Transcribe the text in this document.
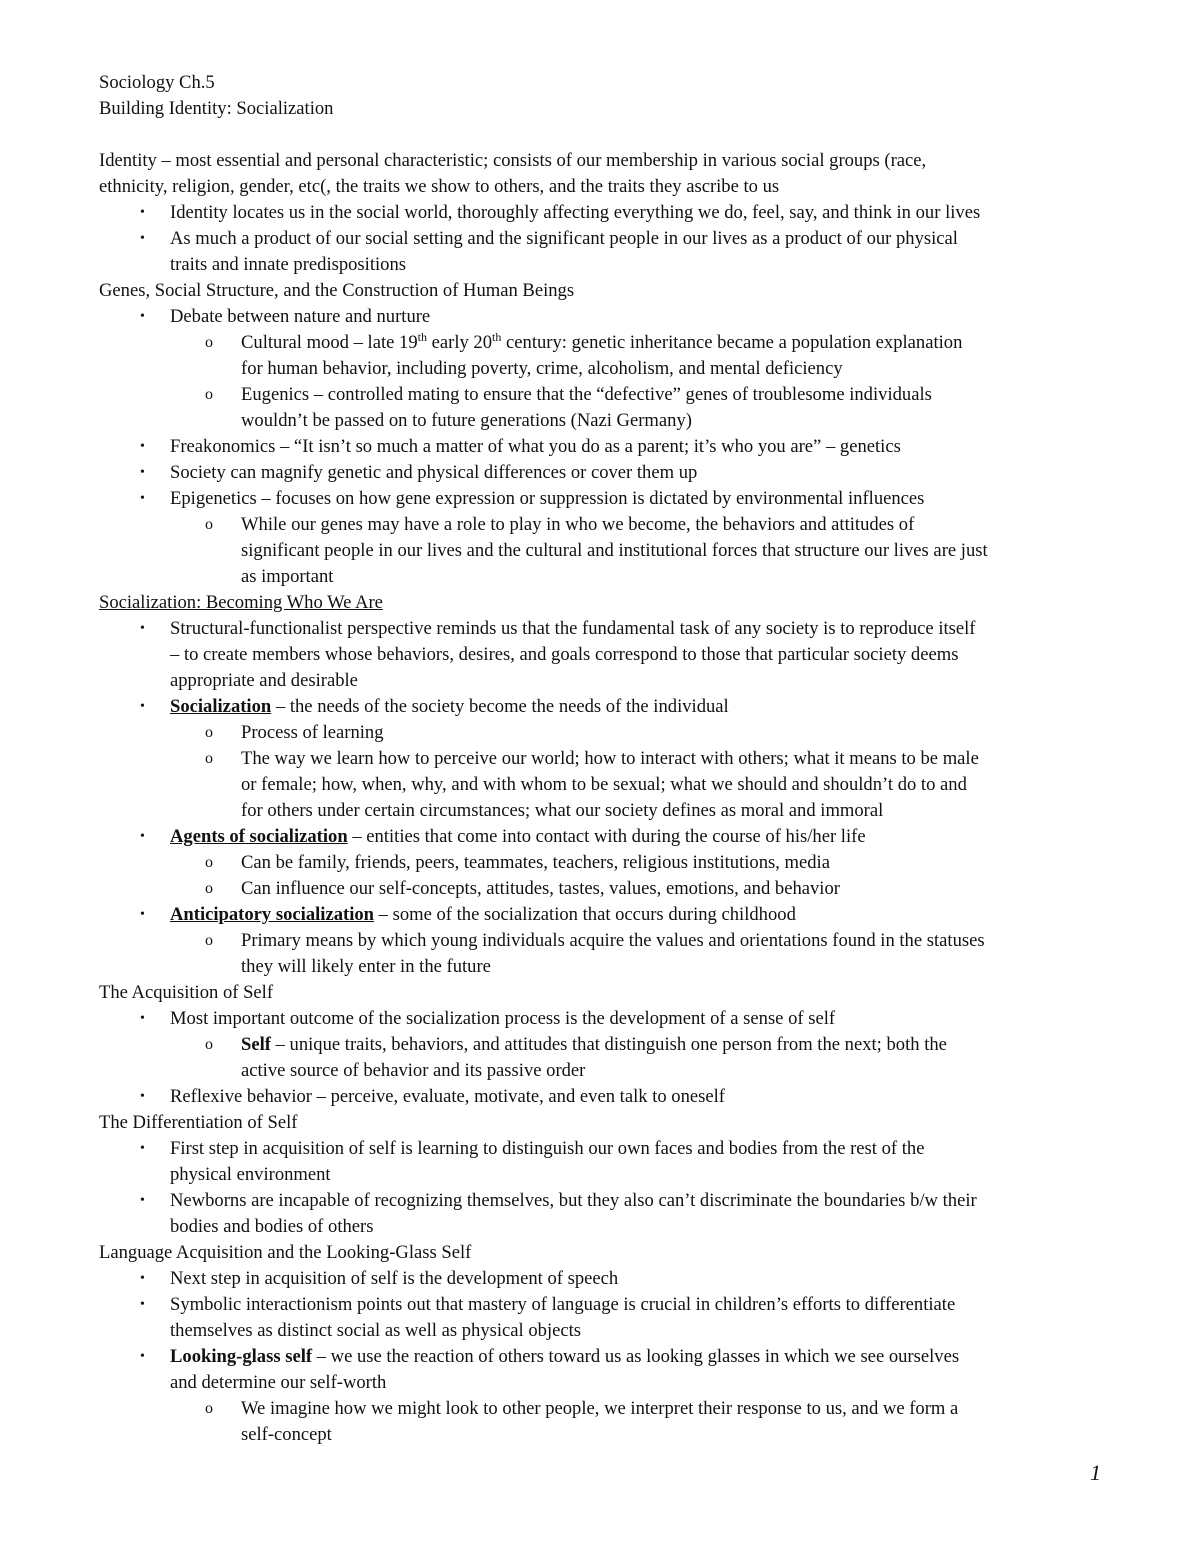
Sociology Ch.5

Building Identity: Socialization

Identity – most essential and personal characteristic; consists of our membership in various social groups (race,

ethnicity, religion, gender, etc(, the traits we show to others, and the traits they ascribe to us

• Identity locates us in the social world, thoroughly affecting everything we do, feel, say, and think in our lives

• As much a product of our social setting and the significant people in our lives as a product of our physical

traits and innate predispositions

Genes, Social Structure, and the Construction of Human Beings

• Debate between nature and nurture

o Cultural mood – late 19th early 20th century: genetic inheritance became a population explanation

for human behavior, including poverty, crime, alcoholism, and mental deficiency

o Eugenics – controlled mating to ensure that the “defective” genes of troublesome individuals

wouldn’t be passed on to future generations (Nazi Germany)

• Freakonomics – “It isn’t so much a matter of what you do as a parent; it’s who you are” – genetics

• Society can magnify genetic and physical differences or cover them up

• Epigenetics – focuses on how gene expression or suppression is dictated by environmental influences

o While our genes may have a role to play in who we become, the behaviors and attitudes of

significant people in our lives and the cultural and institutional forces that structure our lives are just

as important

Socialization: Becoming Who We Are

• Structural-functionalist perspective reminds us that the fundamental task of any society is to reproduce itself

– to create members whose behaviors, desires, and goals correspond to those that particular society deems

appropriate and desirable

• Socialization – the needs of the society become the needs of the individual

o Process of learning

o The way we learn how to perceive our world; how to interact with others; what it means to be male

or female; how, when, why, and with whom to be sexual; what we should and shouldn’t do to and

for others under certain circumstances; what our society defines as moral and immoral

• Agents of socialization – entities that come into contact with during the course of his/her life

o Can be family, friends, peers, teammates, teachers, religious institutions, media

o Can influence our self-concepts, attitudes, tastes, values, emotions, and behavior

• Anticipatory socialization – some of the socialization that occurs during childhood

o Primary means by which young individuals acquire the values and orientations found in the statuses

they will likely enter in the future

The Acquisition of Self

• Most important outcome of the socialization process is the development of a sense of self

o Self – unique traits, behaviors, and attitudes that distinguish one person from the next; both the

active source of behavior and its passive order

• Reflexive behavior – perceive, evaluate, motivate, and even talk to oneself

The Differentiation of Self

• First step in acquisition of self is learning to distinguish our own faces and bodies from the rest of the

physical environment

• Newborns are incapable of recognizing themselves, but they also can’t discriminate the boundaries b/w their

bodies and bodies of others

Language Acquisition and the Looking-Glass Self

• Next step in acquisition of self is the development of speech

• Symbolic interactionism points out that mastery of language is crucial in children’s efforts to differentiate

themselves as distinct social as well as physical objects

• Looking-glass self – we use the reaction of others toward us as looking glasses in which we see ourselves

and determine our self-worth

o We imagine how we might look to other people, we interpret their response to us, and we form a

self-concept

1
